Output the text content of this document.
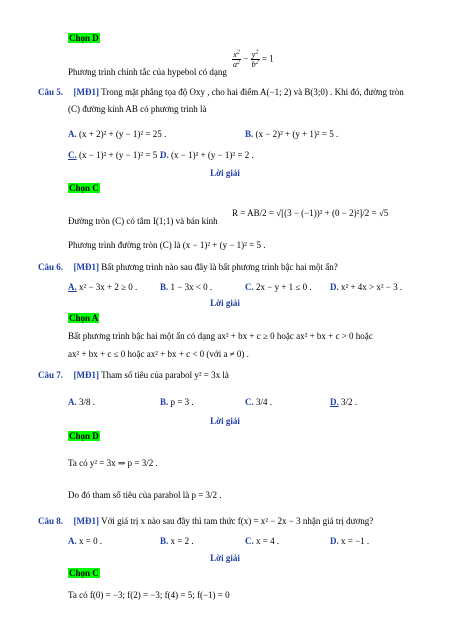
Chọn D
Phương trình chính tắc của hypebol có dạng
$\frac{x^2}{a^2} - \frac{y^2}{b^2} = 1$
Câu 5. [MĐ1] Trong mặt phẳng tọa độ Oxy , cho hai điểm A(−1; 2) và B(3;0) . Khi đó, đường tròn
(C) đường kính AB có phương trình là
A. (x + 2)² + (y − 1)² = 25 .	B. (x − 2)² + (y + 1)² = 5 .
C. (x − 1)² + (y − 1)² = 5 .
D. (x − 1)² + (y − 1)² = 2 .
Lời giải
Chọn C
Đường tròn (C) có tâm I(1;1) và bán kính
R = AB/2 = √[(3 − (−1))² + (0 − 2)²]/2 = √5
Phương trình đường tròn (C) là (x − 1)² + (y − 1)² = 5 .
Câu 6. [MĐ1] Bất phương trình nào sau đây là bất phương trình bậc hai một ẩn?
A. x² − 3x + 2 ≥ 0 .	B. 1 − 3x < 0 .	C. 2x − y + 1 ≤ 0 . D. x² + 4x > x² − 3 .
Lời giải
Chọn A
Bất phương trình bậc hai một ẩn có dạng ax² + bx + c ≥ 0 hoặc ax² + bx + c > 0 hoặc
ax² + bx + c ≤ 0 hoặc ax² + bx + c < 0 (với a ≠ 0) .
Câu 7. [MĐ1] Tham số tiêu của parabol y² = 3x là
A. 3/8 .	B. p = 3 .	C. 3/4 .	D. 3/2 .
Lời giải
Chọn D
Ta có y² = 3x ⇒ p = 3/2 .
Do đó tham số tiêu của parabol là p = 3/2 .
Câu 8. [MĐ1] Với giá trị x nào sau đây thì tam thức f(x) = x² − 2x − 3 nhận giá trị dương?
A. x = 0 .	B. x = 2 .	C. x = 4 .	D. x = −1 .
Lời giải
Chọn C
Ta có f(0) = −3; f(2) = −3; f(4) = 5; f(−1) = 0
